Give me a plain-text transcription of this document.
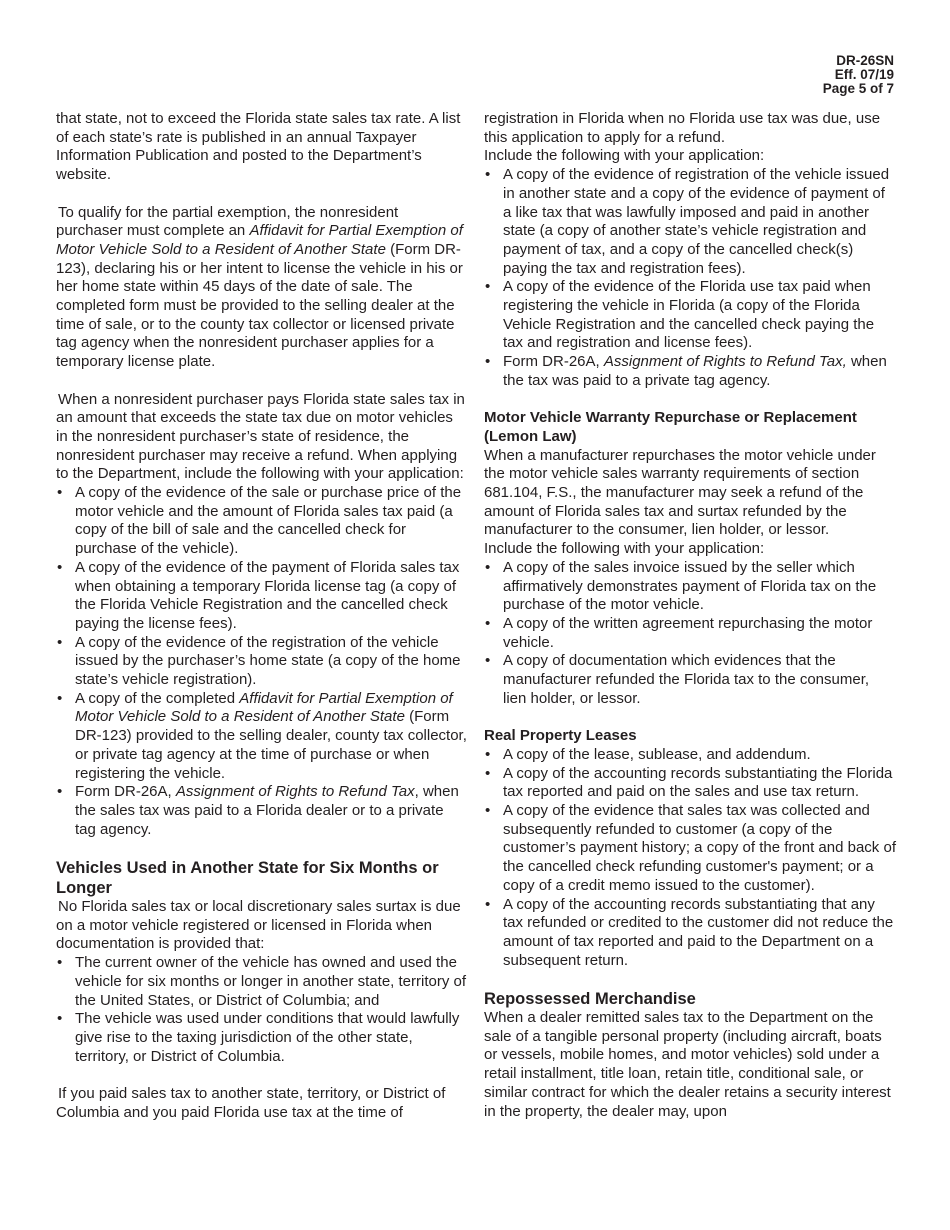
DR-26SN
Eff. 07/19
Page 5 of 7

that state, not to exceed the Florida state sales tax rate. A list of each state’s rate is published in an annual Taxpayer Information Publication and posted to the Department’s website.

To qualify for the partial exemption, the nonresident purchaser must complete an Affidavit for Partial Exemption of Motor Vehicle Sold to a Resident of Another State (Form DR-123), declaring his or her intent to license the vehicle in his or her home state within 45 days of the date of sale. The completed form must be provided to the selling dealer at the time of sale, or to the county tax collector or licensed private tag agency when the nonresident purchaser applies for a temporary license plate.

When a nonresident purchaser pays Florida state sales tax in an amount that exceeds the state tax due on motor vehicles in the nonresident purchaser’s state of residence, the nonresident purchaser may receive a refund. When applying to the Department, include the following with your application:

• A copy of the evidence of the sale or purchase price of the motor vehicle and the amount of Florida sales tax paid (a copy of the bill of sale and the cancelled check for purchase of the vehicle).
• A copy of the evidence of the payment of Florida sales tax when obtaining a temporary Florida license tag (a copy of the Florida Vehicle Registration and the cancelled check paying the license fees).
• A copy of the evidence of the registration of the vehicle issued by the purchaser’s home state (a copy of the home state’s vehicle registration).
• A copy of the completed Affidavit for Partial Exemption of Motor Vehicle Sold to a Resident of Another State (Form DR-123) provided to the selling dealer, county tax collector, or private tag agency at the time of purchase or when registering the vehicle.
• Form DR-26A, Assignment of Rights to Refund Tax, when the sales tax was paid to a Florida dealer or to a private tag agency.
Vehicles Used in Another State for Six Months or Longer

No Florida sales tax or local discretionary sales surtax is due on a motor vehicle registered or licensed in Florida when documentation is provided that:

• The current owner of the vehicle has owned and used the vehicle for six months or longer in another state, territory of the United States, or District of Columbia; and
• The vehicle was used under conditions that would lawfully give rise to the taxing jurisdiction of the other state, territory, or District of Columbia.

If you paid sales tax to another state, territory, or District of Columbia and you paid Florida use tax at the time of

registration in Florida when no Florida use tax was due, use this application to apply for a refund.

Include the following with your application:

• A copy of the evidence of registration of the vehicle issued in another state and a copy of the evidence of payment of a like tax that was lawfully imposed and paid in another state (a copy of another state’s vehicle registration and payment of tax, and a copy of the cancelled check(s) paying the tax and registration fees).
• A copy of the evidence of the Florida use tax paid when registering the vehicle in Florida (a copy of the Florida Vehicle Registration and the cancelled check paying the tax and registration and license fees).
• Form DR-26A, Assignment of Rights to Refund Tax, when the tax was paid to a private tag agency.
Motor Vehicle Warranty Repurchase or Replacement (Lemon Law)

When a manufacturer repurchases the motor vehicle under the motor vehicle sales warranty requirements of section 681.104, F.S., the manufacturer may seek a refund of the amount of Florida sales tax and surtax refunded by the manufacturer to the consumer, lien holder, or lessor.

Include the following with your application:

• A copy of the sales invoice issued by the seller which affirmatively demonstrates payment of Florida tax on the purchase of the motor vehicle.
• A copy of the written agreement repurchasing the motor vehicle.
• A copy of documentation which evidences that the manufacturer refunded the Florida tax to the consumer, lien holder, or lessor.
Real Property Leases
• A copy of the lease, sublease, and addendum.
• A copy of the accounting records substantiating the Florida tax reported and paid on the sales and use tax return.
• A copy of the evidence that sales tax was collected and subsequently refunded to customer (a copy of the customer’s payment history; a copy of the front and back of the cancelled check refunding customer's payment; or a copy of a credit memo issued to the customer).
• A copy of the accounting records substantiating that any tax refunded or credited to the customer did not reduce the amount of tax reported and paid to the Department on a subsequent return.
Repossessed Merchandise

When a dealer remitted sales tax to the Department on the sale of a tangible personal property (including aircraft, boats or vessels, mobile homes, and motor vehicles) sold under a retail installment, title loan, retain title, conditional sale, or similar contract for which the dealer retains a security interest in the property, the dealer may, upon
